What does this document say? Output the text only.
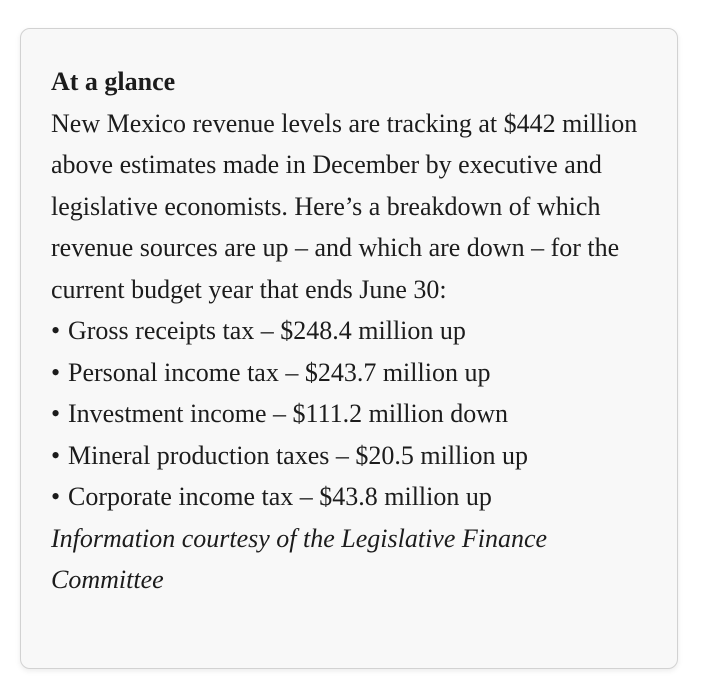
At a glance
New Mexico revenue levels are tracking at $442 million above estimates made in December by executive and legislative economists. Here’s a breakdown of which revenue sources are up – and which are down – for the current budget year that ends June 30:
• Gross receipts tax – $248.4 million up
• Personal income tax – $243.7 million up
• Investment income – $111.2 million down
• Mineral production taxes – $20.5 million up
• Corporate income tax – $43.8 million up
Information courtesy of the Legislative Finance Committee
